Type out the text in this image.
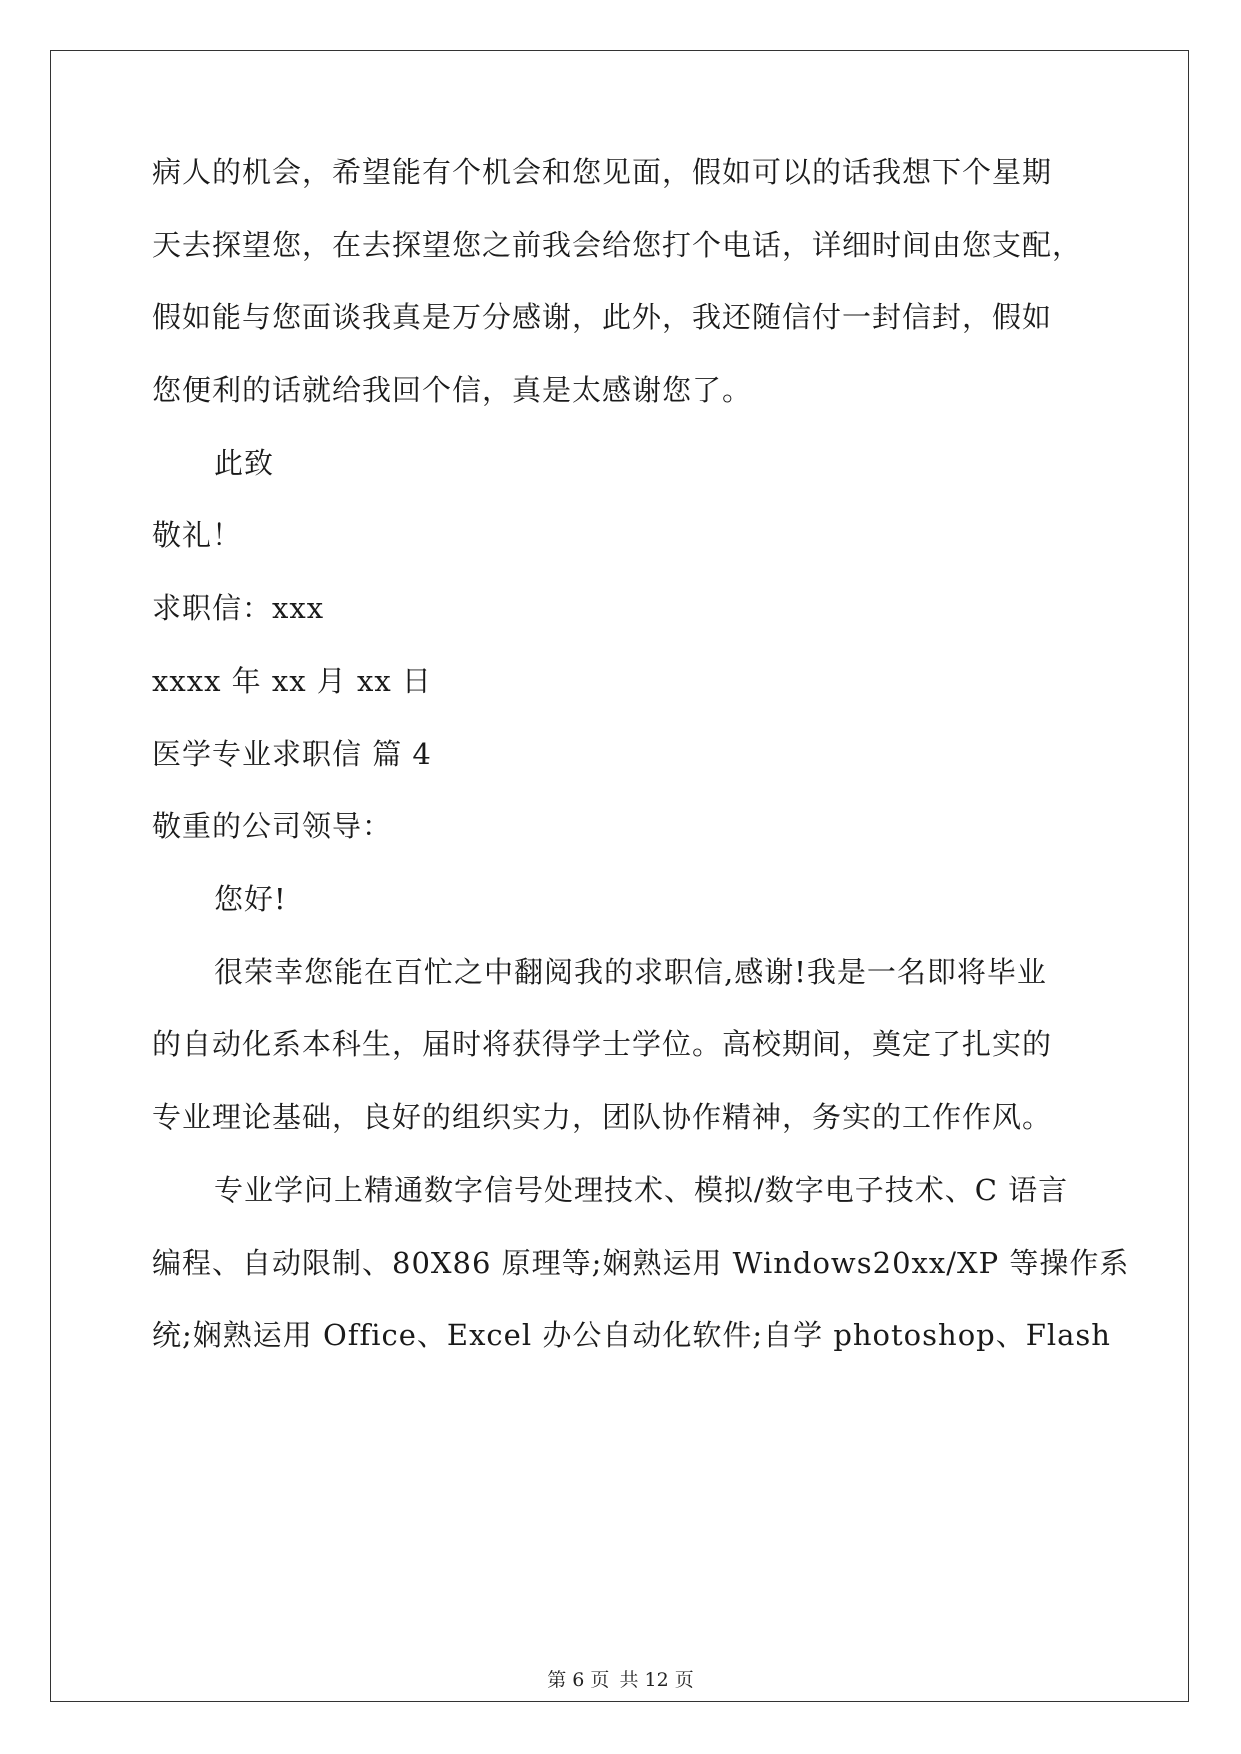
病人的机会，希望能有个机会和您见面，假如可以的话我想下个星期
天去探望您，在去探望您之前我会给您打个电话，详细时间由您支配，
假如能与您面谈我真是万分感谢，此外，我还随信付一封信封，假如
您便利的话就给我回个信，真是太感谢您了。
此致
敬礼！
求职信：xxx
xxxx 年 xx 月 xx 日
医学专业求职信 篇 4
敬重的公司领导：
您好!
很荣幸您能在百忙之中翻阅我的求职信,感谢!我是一名即将毕业
的自动化系本科生，届时将获得学士学位。高校期间，奠定了扎实的
专业理论基础，良好的组织实力，团队协作精神，务实的工作作风。
专业学问上精通数字信号处理技术、模拟/数字电子技术、C 语言
编程、自动限制、80X86 原理等;娴熟运用 Windows20xx/XP 等操作系
统;娴熟运用 Office、Excel 办公自动化软件;自学 photoshop、Flash
第 6 页 共 12 页
